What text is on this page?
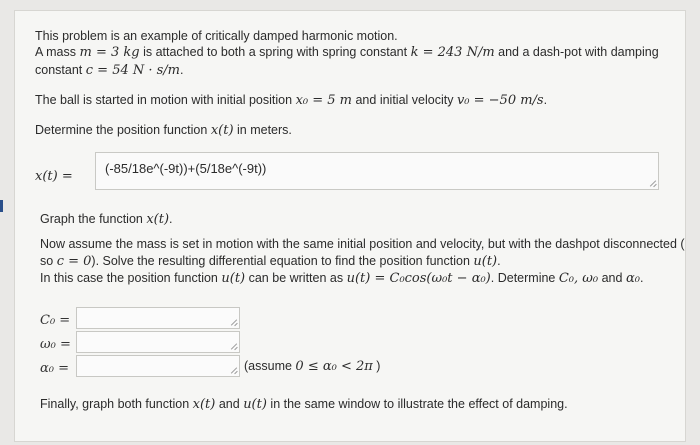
This problem is an example of critically damped harmonic motion.
A mass m = 3 kg is attached to both a spring with spring constant k = 243 N/m and a dash-pot with damping
constant c = 54 N · s/m.
The ball is started in motion with initial position x₀ = 5 m and initial velocity v₀ = −50 m/s.
Determine the position function x(t) in meters.
x(t) =
(-85/18e^(-9t))+(5/18e^(-9t))
Graph the function x(t).
Now assume the mass is set in motion with the same initial position and velocity, but with the dashpot disconnected (
so c = 0). Solve the resulting differential equation to find the position function u(t).
In this case the position function u(t) can be written as u(t) = C₀cos(ω₀t − α₀). Determine C₀, ω₀ and α₀.
C₀ =
ω₀ =
α₀ =	(assume 0 ≤ α₀ < 2π )
Finally, graph both function x(t) and u(t) in the same window to illustrate the effect of damping.
